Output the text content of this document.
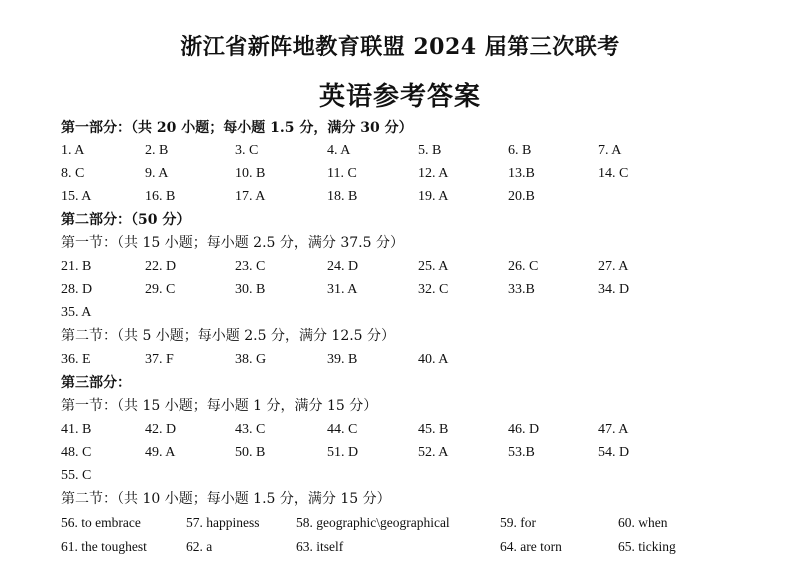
浙江省新阵地教育联盟 2024 届第三次联考
英语参考答案
第一部分：（共 20 小题；每小题 1.5 分，满分 30 分）
1. A	2. B	3. C	4. A	5. B	6. B	7. A
8. C	9. A	10. B	11. C	12. A	13.B	14. C
15. A	16. B	17. A	18. B	19. A	20.B
第二部分：（50 分）
第一节：（共 15 小题；每小题 2.5 分，满分 37.5 分）
21. B	22. D	23. C	24. D	25. A	26. C	27. A
28. D	29. C	30. B	31. A	32. C	33.B	34. D
35. A
第二节：（共 5 小题；每小题 2.5 分，满分 12.5 分）
36. E	37. F	38. G	39. B	40. A
第三部分：
第一节：（共 15 小题；每小题 1 分，满分 15 分）
41. B	42. D	43. C	44. C	45. B	46. D	47. A
48. C	49. A	50. B	51. D	52. A	53.B	54. D
55. C
第二节：（共 10 小题；每小题 1.5 分，满分 15 分）
56. to embrace	57. happiness	58. geographic\geographical	59. for	60. when
61. the toughest	62. a	63. itself	64. are torn	65. ticking
